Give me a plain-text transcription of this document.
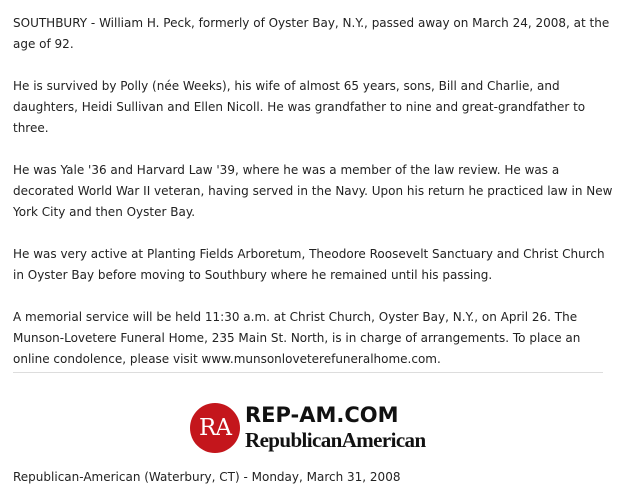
SOUTHBURY - William H. Peck, formerly of Oyster Bay, N.Y., passed away on March 24, 2008, at the age of 92.

He is survived by Polly (née Weeks), his wife of almost 65 years, sons, Bill and Charlie, and daughters, Heidi Sullivan and Ellen Nicoll. He was grandfather to nine and great-grandfather to three.

He was Yale '36 and Harvard Law '39, where he was a member of the law review. He was a decorated World War II veteran, having served in the Navy. Upon his return he practiced law in New York City and then Oyster Bay.

He was very active at Planting Fields Arboretum, Theodore Roosevelt Sanctuary and Christ Church in Oyster Bay before moving to Southbury where he remained until his passing.

A memorial service will be held 11:30 a.m. at Christ Church, Oyster Bay, N.Y., on April 26. The Munson-Lovetere Funeral Home, 235 Main St. North, is in charge of arrangements. To place an online condolence, please visit www.munsonloveterefuneralhome.com.

RA REP-AM.COM
RepublicanAmerican
Republican-American (Waterbury, CT) - Monday, March 31, 2008
